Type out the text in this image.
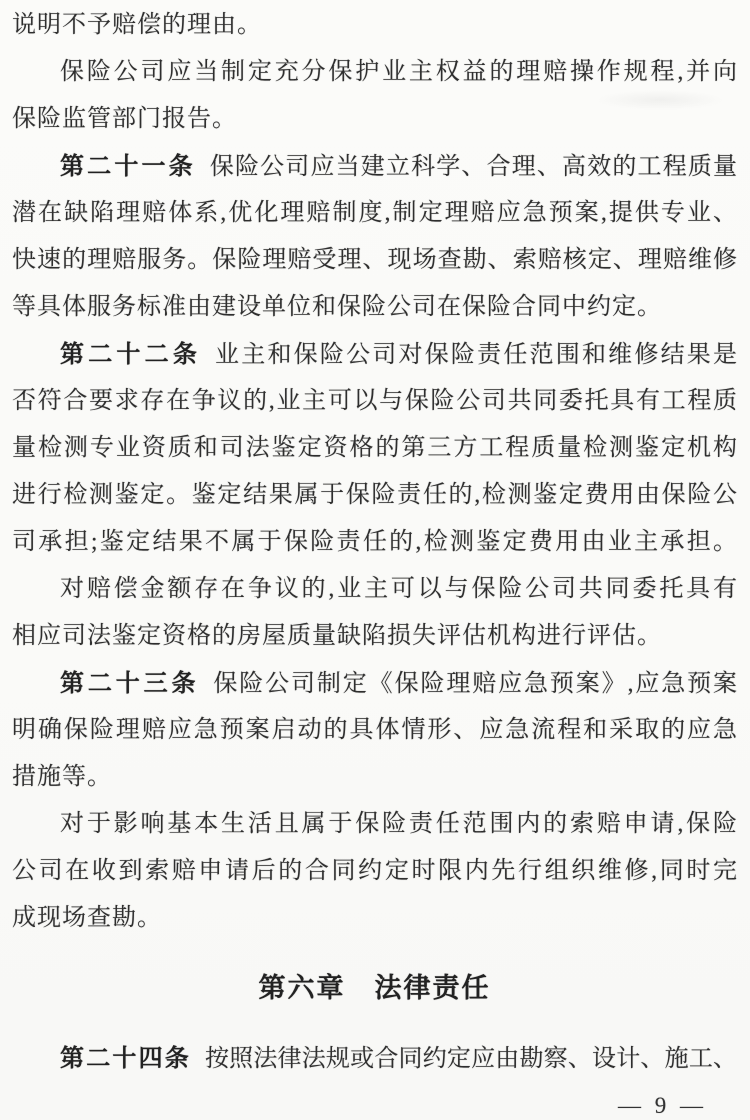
说明不予赔偿的理由。
保险公司应当制定充分保护业主权益的理赔操作规程,并向
保险监管部门报告。
第二十一条 保险公司应当建立科学、合理、高效的工程质量
潜在缺陷理赔体系,优化理赔制度,制定理赔应急预案,提供专业、
快速的理赔服务。保险理赔受理、现场查勘、索赔核定、理赔维修
等具体服务标准由建设单位和保险公司在保险合同中约定。
第二十二条 业主和保险公司对保险责任范围和维修结果是
否符合要求存在争议的,业主可以与保险公司共同委托具有工程质
量检测专业资质和司法鉴定资格的第三方工程质量检测鉴定机构
进行检测鉴定。鉴定结果属于保险责任的,检测鉴定费用由保险公
司承担;鉴定结果不属于保险责任的,检测鉴定费用由业主承担。
对赔偿金额存在争议的,业主可以与保险公司共同委托具有
相应司法鉴定资格的房屋质量缺陷损失评估机构进行评估。
第二十三条 保险公司制定《保险理赔应急预案》,应急预案
明确保险理赔应急预案启动的具体情形、应急流程和采取的应急
措施等。
对于影响基本生活且属于保险责任范围内的索赔申请,保险
公司在收到索赔申请后的合同约定时限内先行组织维修,同时完
成现场查勘。
第六章　法律责任
第二十四条 按照法律法规或合同约定应由勘察、设计、施工、
— 9 —
